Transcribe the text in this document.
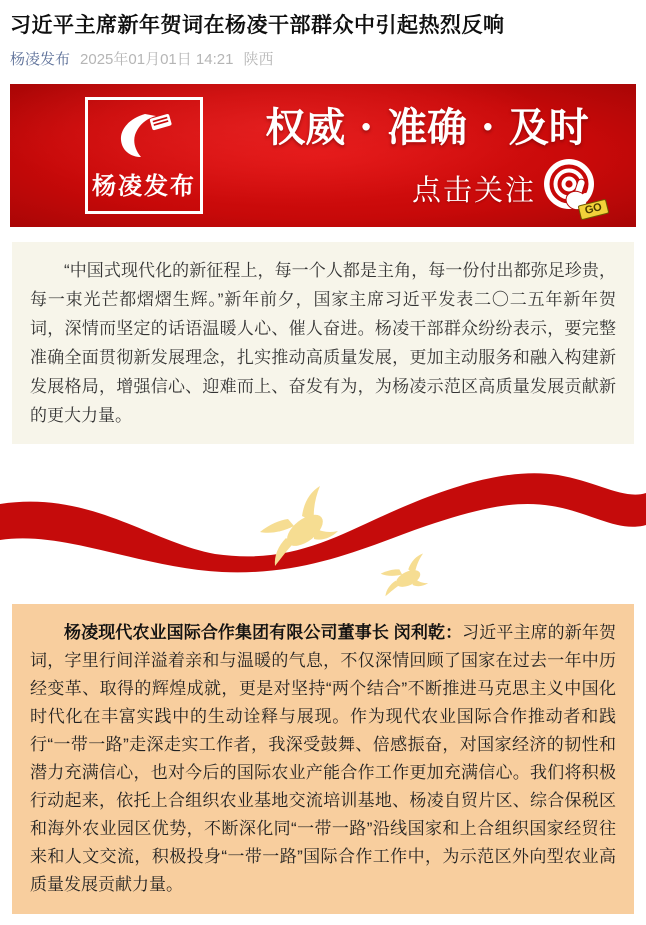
习近平主席新年贺词在杨凌干部群众中引起热烈反响
杨凌发布 2025年01月01日 14:21 陕西
杨凌发布
权威 · 准确 · 及时
点击关注
GO

“中国式现代化的新征程上，每一个人都是主角，每一份付出都弥足珍贵，每一束光芒都熠熠生辉。”新年前夕，国家主席习近平发表二〇二五年新年贺词，深情而坚定的话语温暖人心、催人奋进。杨凌干部群众纷纷表示，要完整准确全面贯彻新发展理念，扎实推动高质量发展，更加主动服务和融入构建新发展格局，增强信心、迎难而上、奋发有为，为杨凌示范区高质量发展贡献新的更大力量。

杨凌现代农业国际合作集团有限公司董事长 闵利乾：习近平主席的新年贺词，字里行间洋溢着亲和与温暖的气息，不仅深情回顾了国家在过去一年中历经变革、取得的辉煌成就，更是对坚持“两个结合”不断推进马克思主义中国化时代化在丰富实践中的生动诠释与展现。作为现代农业国际合作推动者和践行“一带一路”走深走实工作者，我深受鼓舞、倍感振奋，对国家经济的韧性和潜力充满信心，也对今后的国际农业产能合作工作更加充满信心。我们将积极行动起来，依托上合组织农业基地交流培训基地、杨凌自贸片区、综合保税区和海外农业园区优势，不断深化同“一带一路”沿线国家和上合组织国家经贸往来和人文交流，积极投身“一带一路”国际合作工作中，为示范区外向型农业高质量发展贡献力量。
